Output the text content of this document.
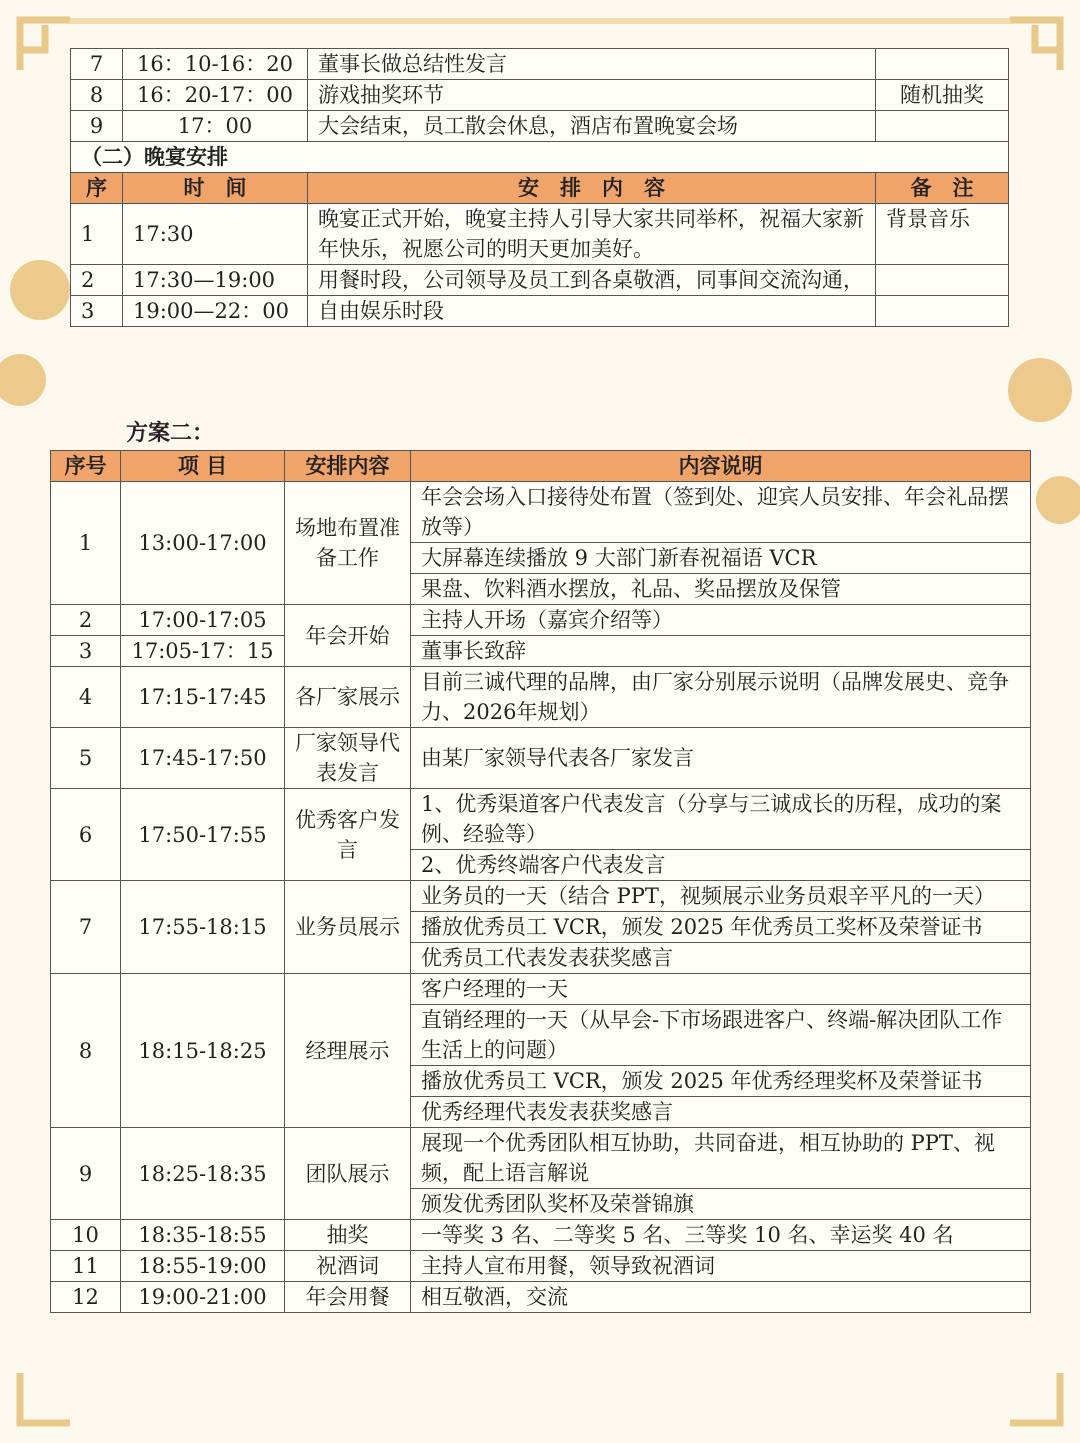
7	16：10-16：20	董事长做总结性发言	
8	16：20-17：00	游戏抽奖环节	随机抽奖
9	17：00	大会结束，员工散会休息，酒店布置晚宴会场	
（二）晚宴安排			
序	时　间	安　排　内　容	备　注
1	17:30	晚宴正式开始，晚宴主持人引导大家共同举杯，祝福大家新年快乐，祝愿公司的明天更加美好。	背景音乐
2	17:30—19:00	用餐时段，公司领导及员工到各桌敬酒，同事间交流沟通，	
3	19:00—22：00	自由娱乐时段	
方案二：
序号	项 目	安排内容	内容说明
1	13:00-17:00	场地布置准备工作	年会会场入口接待处布置（签到处、迎宾人员安排、年会礼品摆放等）
			大屏幕连续播放 9 大部门新春祝福语 VCR
			果盘、饮料酒水摆放，礼品、奖品摆放及保管
2	17:00-17:05	年会开始	主持人开场（嘉宾介绍等）
3	17:05-17：15		董事长致辞
4	17:15-17:45	各厂家展示	目前三诚代理的品牌，由厂家分别展示说明（品牌发展史、竞争力、2026年规划）
5	17:45-17:50	厂家领导代表发言	由某厂家领导代表各厂家发言
6	17:50-17:55	优秀客户发言	1、优秀渠道客户代表发言（分享与三诚成长的历程，成功的案例、经验等）
			2、优秀终端客户代表发言
7	17:55-18:15	业务员展示	业务员的一天（结合 PPT，视频展示业务员艰辛平凡的一天）
			播放优秀员工 VCR，颁发 2025 年优秀员工奖杯及荣誉证书
			优秀员工代表发表获奖感言
8	18:15-18:25	经理展示	客户经理的一天
			直销经理的一天（从早会-下市场跟进客户、终端-解决团队工作生活上的问题）
			播放优秀员工 VCR，颁发 2025 年优秀经理奖杯及荣誉证书
			优秀经理代表发表获奖感言
9	18:25-18:35	团队展示	展现一个优秀团队相互协助，共同奋进，相互协助的 PPT、视频，配上语言解说
			颁发优秀团队奖杯及荣誉锦旗
10	18:35-18:55	抽奖	一等奖 3 名、二等奖 5 名、三等奖 10 名、幸运奖 40 名
11	18:55-19:00	祝酒词	主持人宣布用餐，领导致祝酒词
12	19:00-21:00	年会用餐	相互敬酒，交流
